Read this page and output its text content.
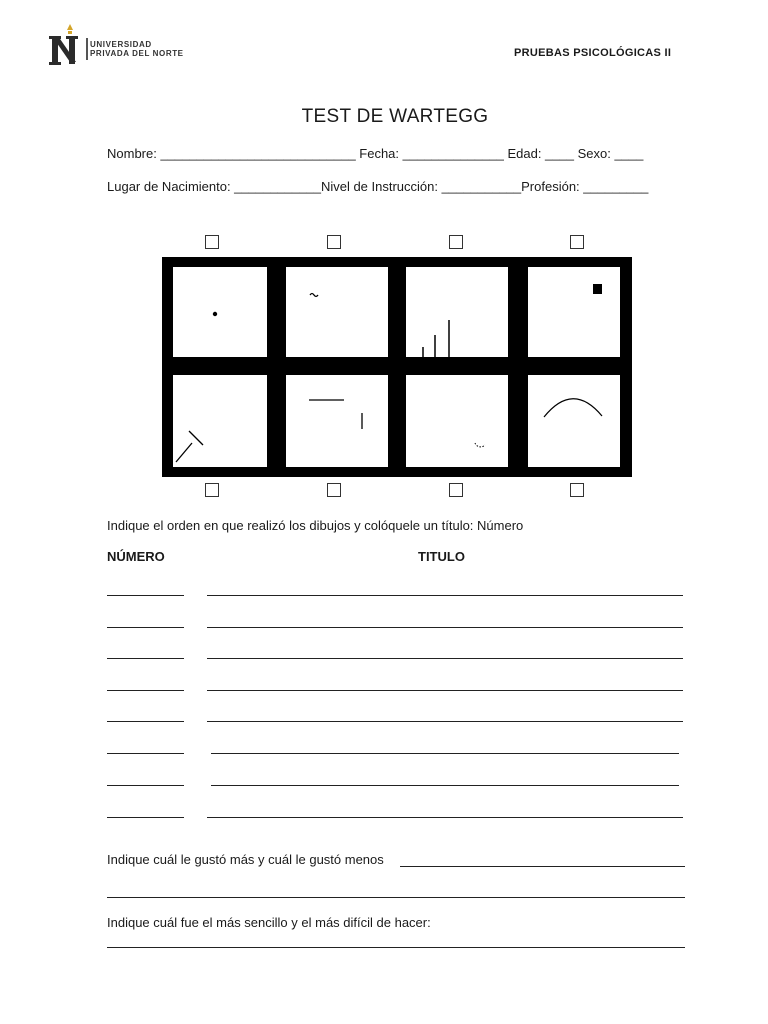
UNIVERSIDAD
PRIVADA DEL NORTE	PRUEBAS PSICOLÓGICAS II
TEST DE WARTEGG
Nombre: ___________________________ Fecha: ______________ Edad: ____ Sexo: ____
Lugar de Nacimiento: ____________Nivel de Instrucción: ___________Profesión: _________
Indique el orden en que realizó los dibujos y colóquele un título: Número
NÚMERO	TITULO
Indique cuál le gustó más y cuál le gustó menos
Indique cuál fue el más sencillo y el más difícil de hacer:
